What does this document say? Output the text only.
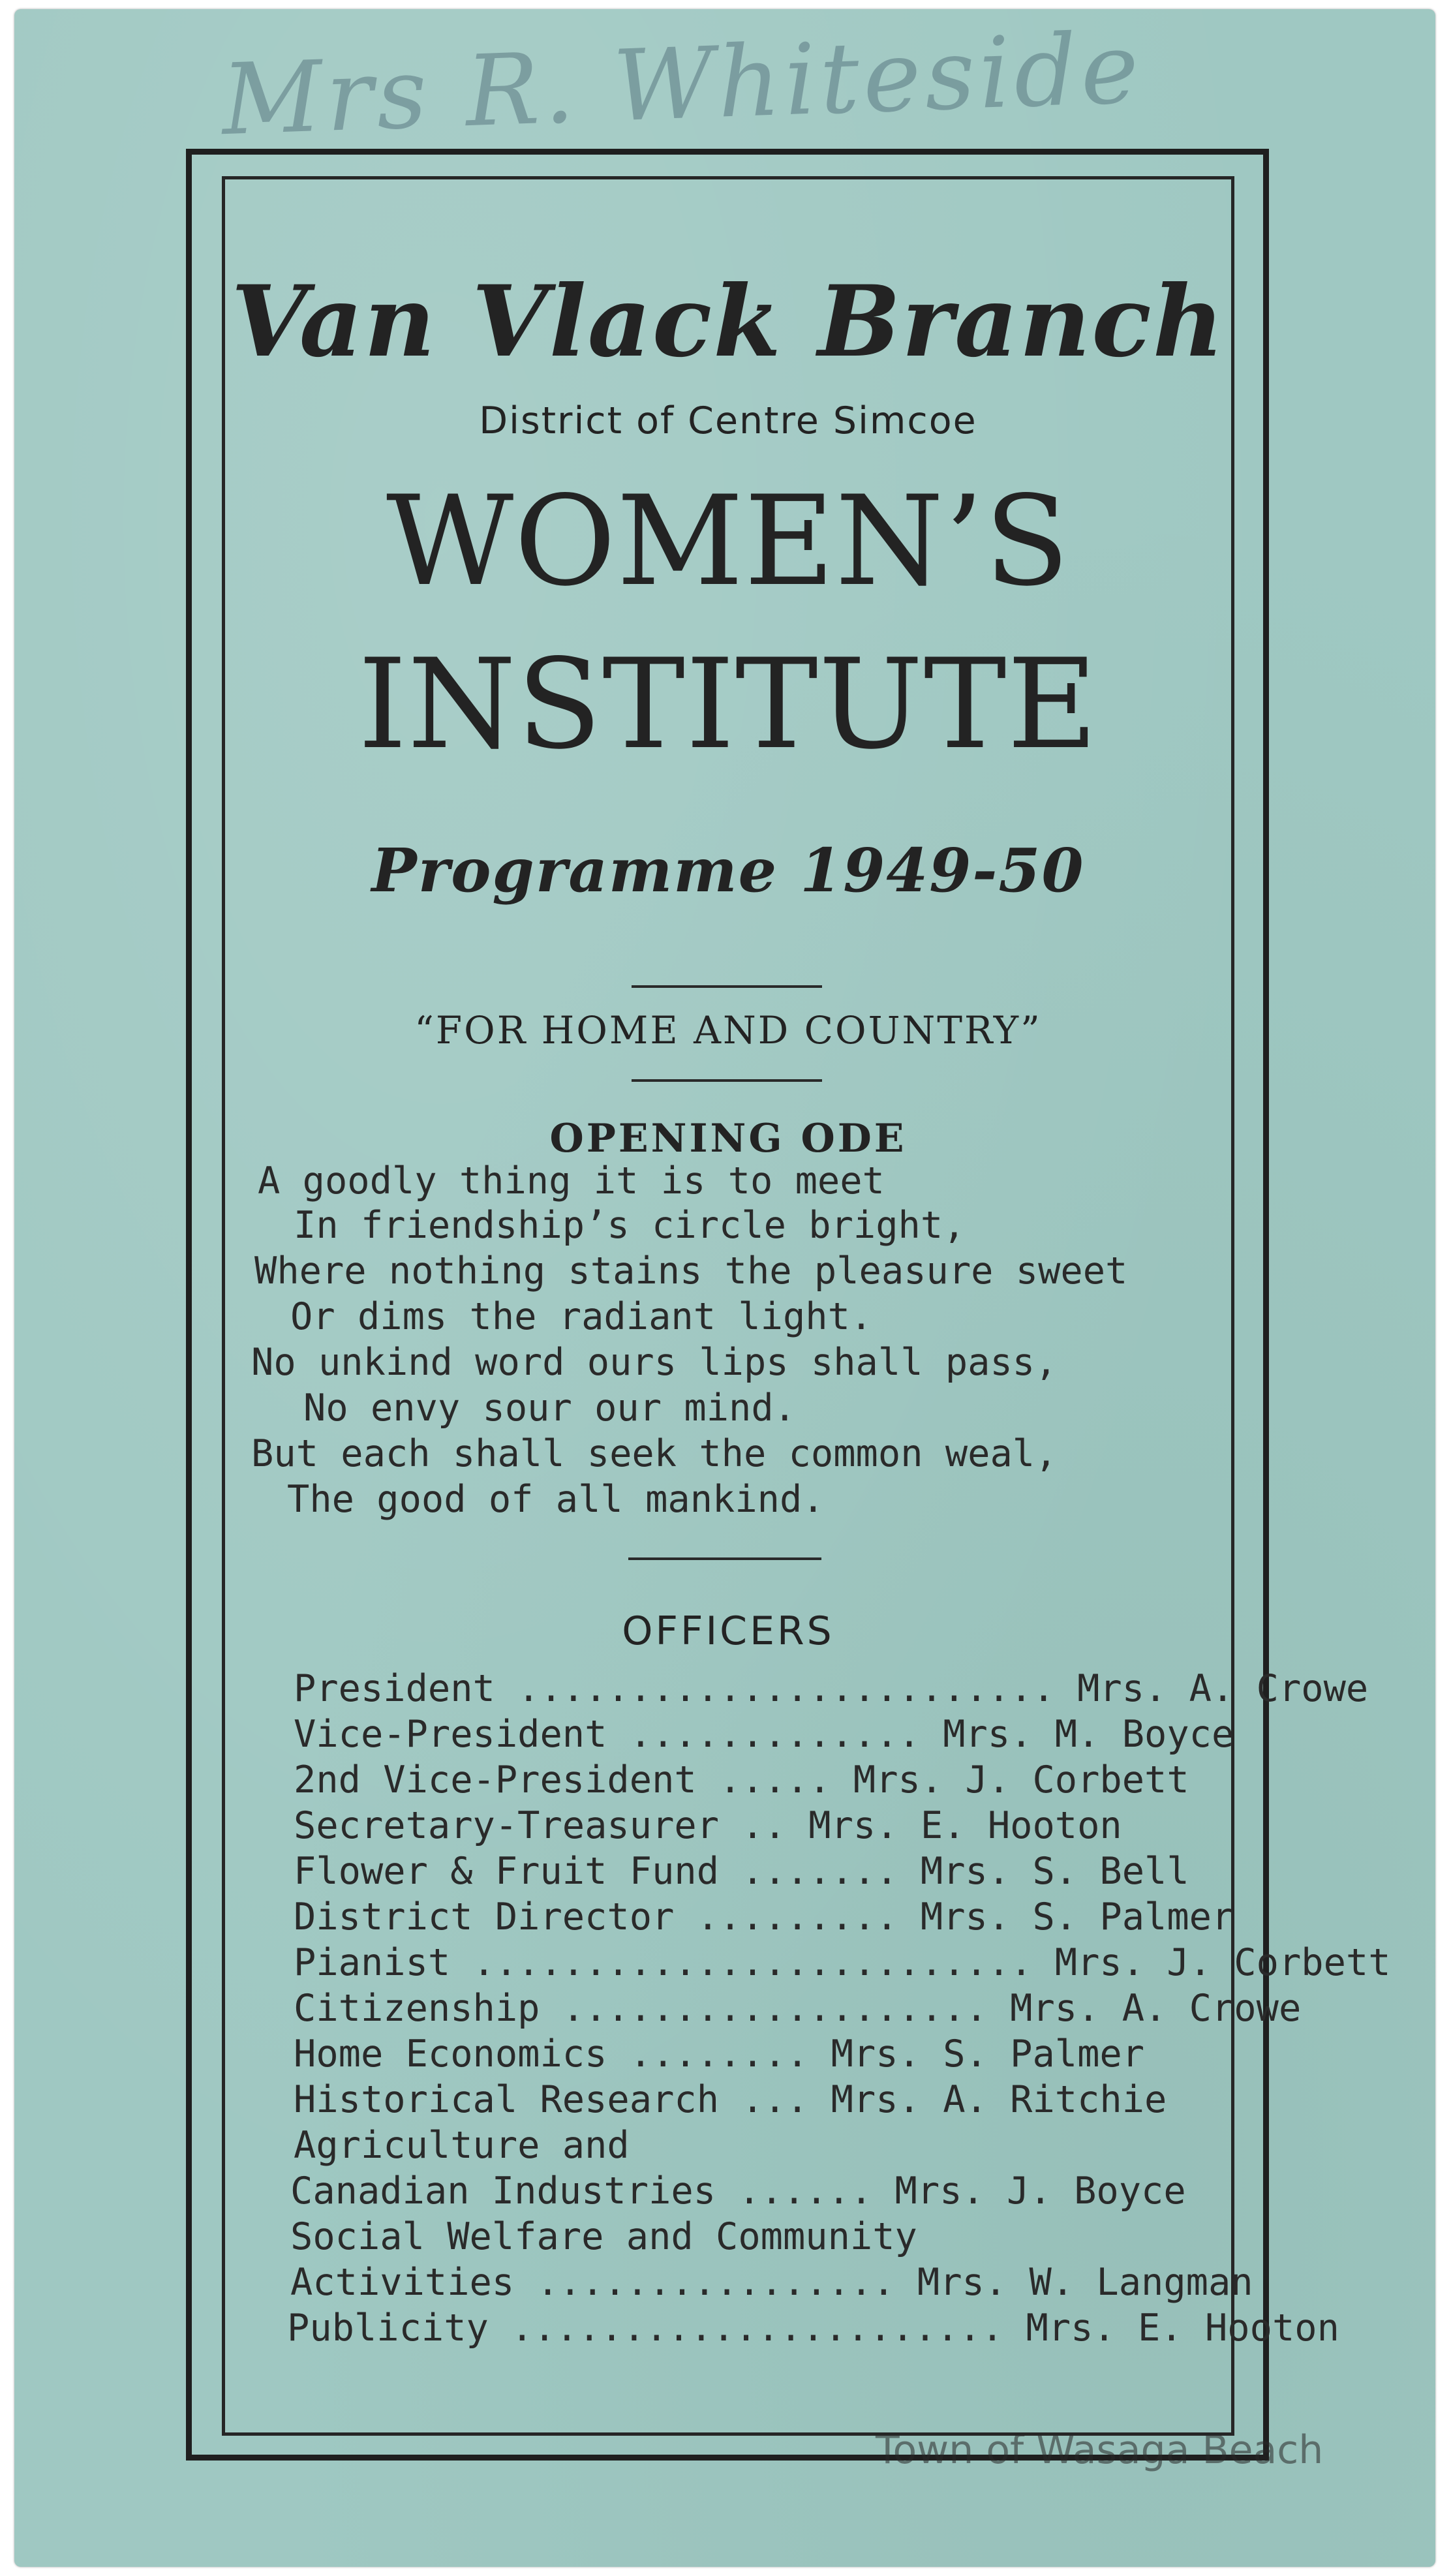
Mrs R. Whiteside
Van Vlack Branch
District of Centre Simcoe
WOMEN’S
INSTITUTE
Programme 1949-50
“FOR HOME AND COUNTRY”
OPENING ODE
A goodly thing it is to meet
In friendship’s circle bright,
Where nothing stains the pleasure sweet
Or dims the radiant light.
No unkind word ours lips shall pass,
No envy sour our mind.
But each shall seek the common weal,
The good of all mankind.
OFFICERS
President ........................ Mrs. A. Crowe
Vice-President ............. Mrs. M. Boyce
2nd Vice-President ..... Mrs. J. Corbett
Secretary-Treasurer .. Mrs. E. Hooton
Flower & Fruit Fund ....... Mrs. S. Bell
District Director ......... Mrs. S. Palmer
Pianist ......................... Mrs. J. Corbett
Citizenship ................... Mrs. A. Crowe
Home Economics ........ Mrs. S. Palmer
Historical Research ... Mrs. A. Ritchie
Agriculture and
Canadian Industries ...... Mrs. J. Boyce
Social Welfare and Community
Activities ................ Mrs. W. Langman
Publicity ...................... Mrs. E. Hooton
Town of Wasaga Beach
